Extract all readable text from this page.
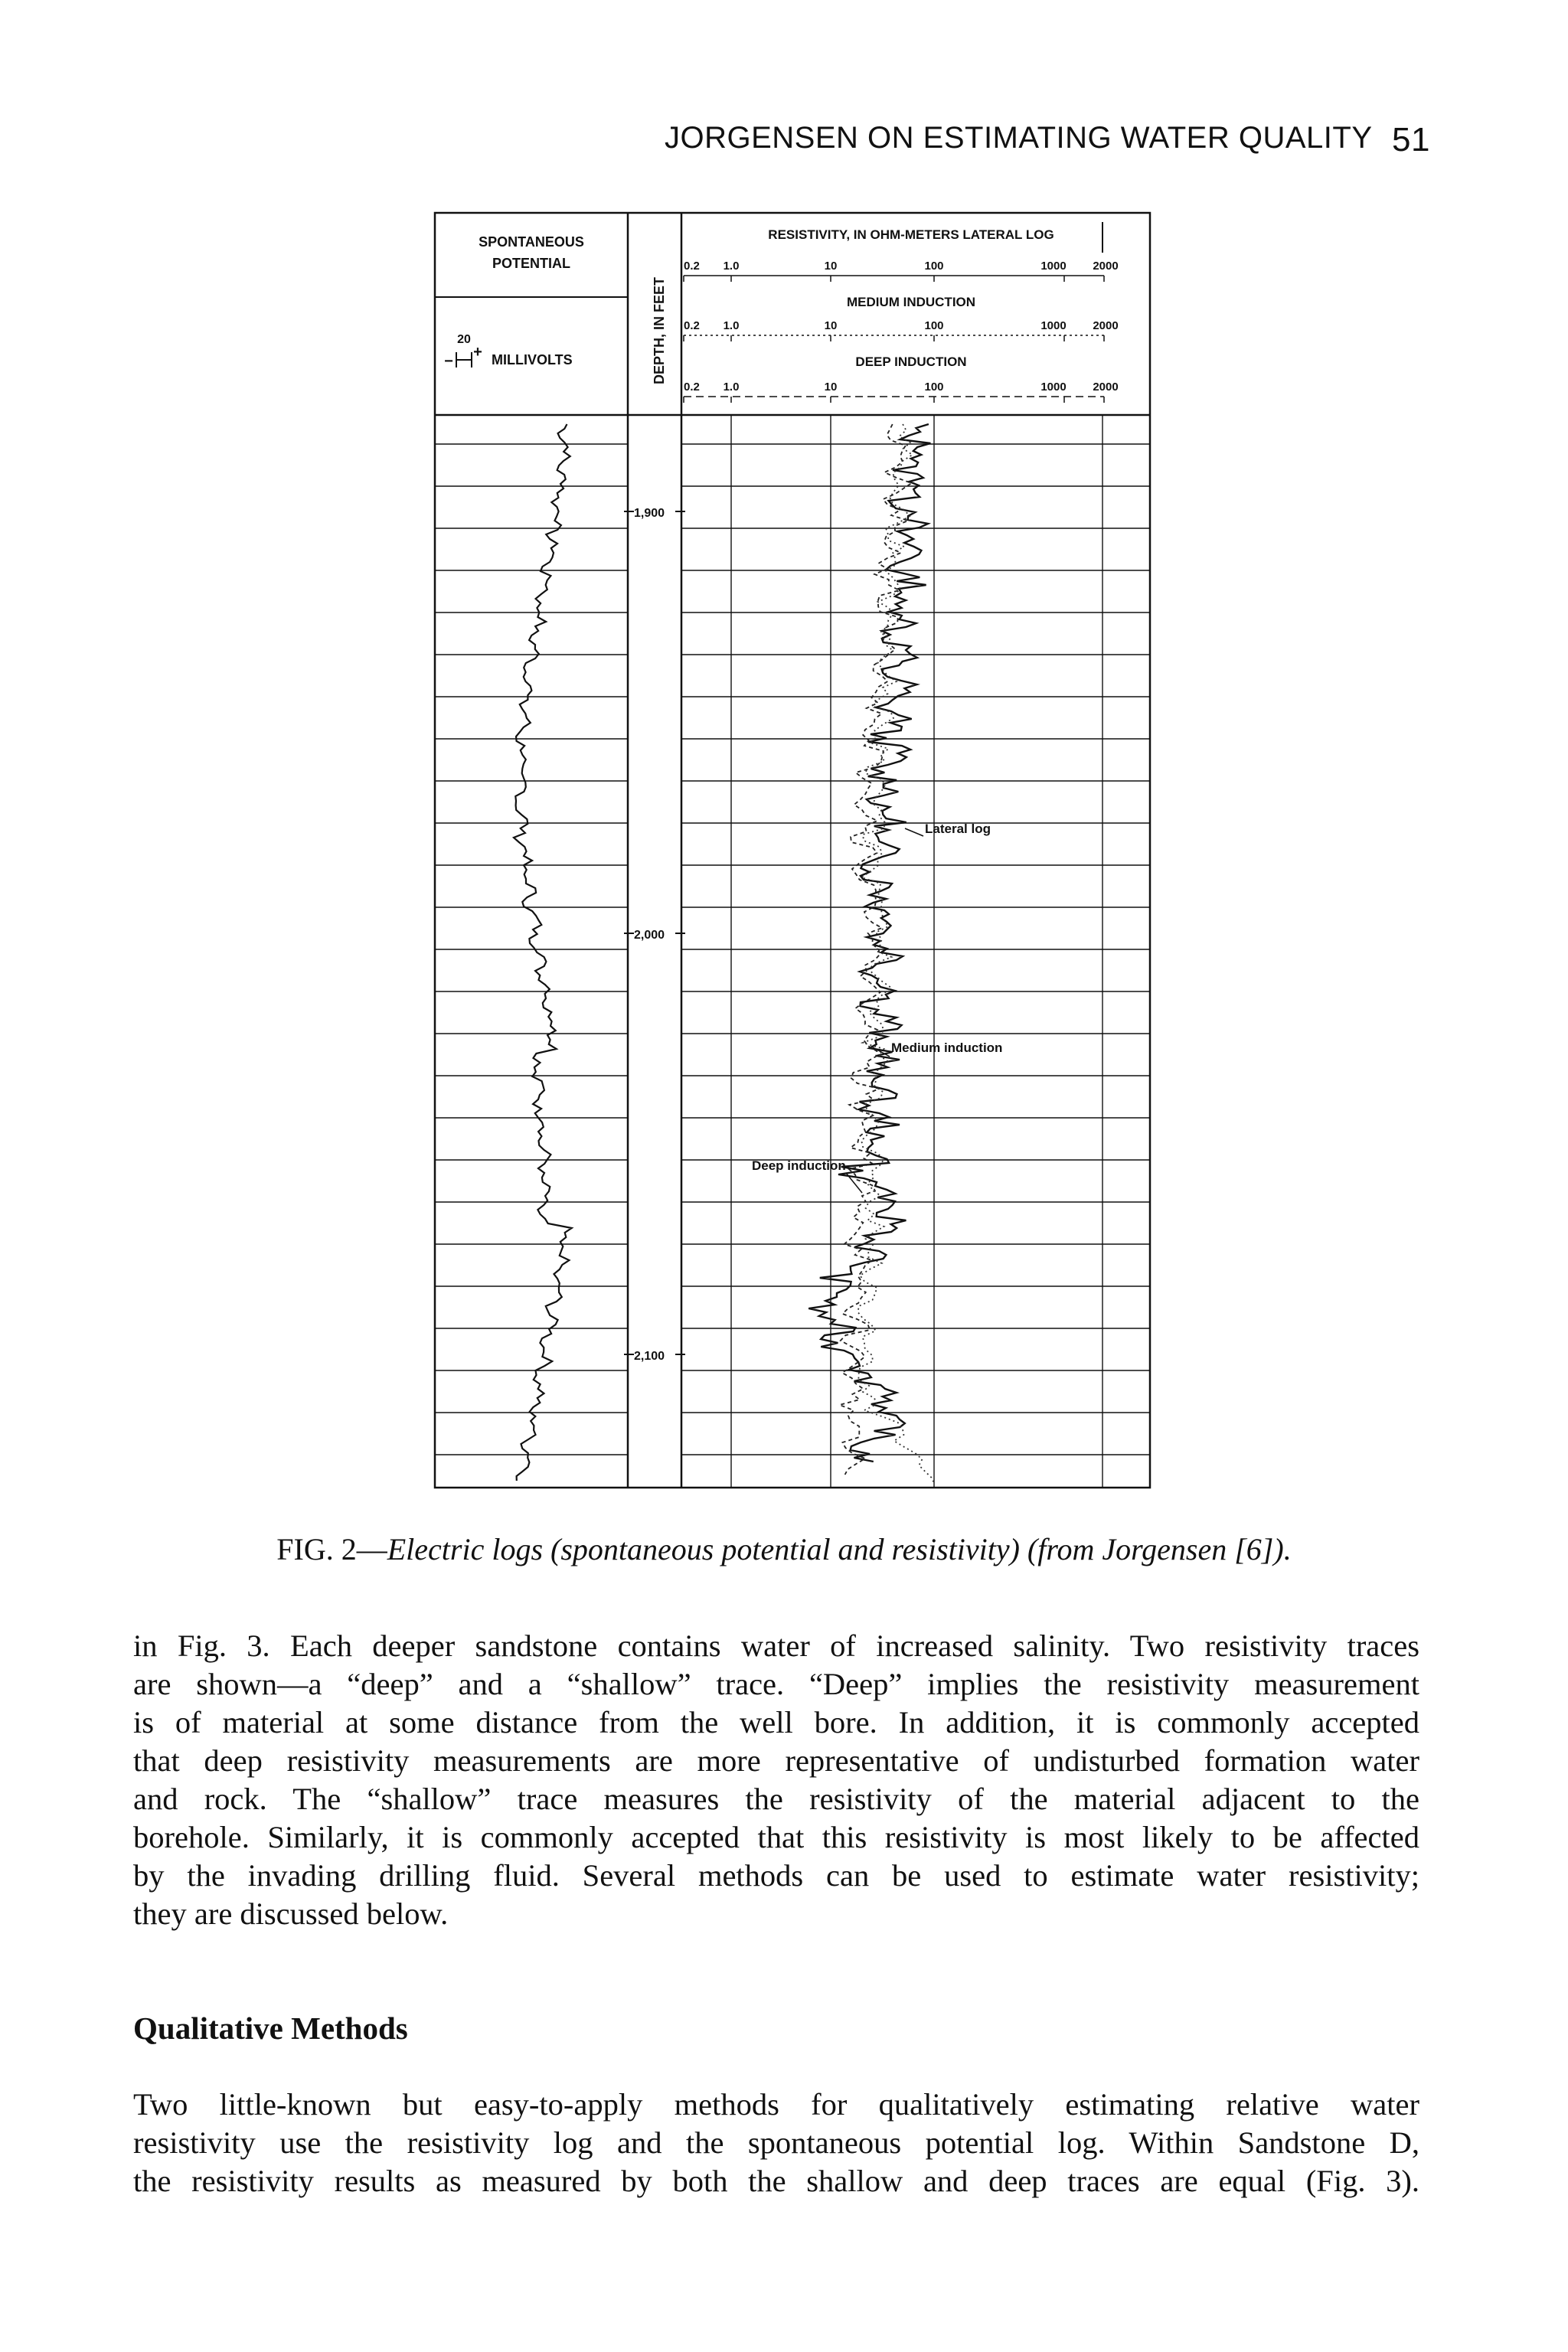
JORGENSEN ON ESTIMATING WATER QUALITY 51
SPONTANEOUS
POTENTIAL
20
−
+ MILLIVOLTS	DEPTH, IN FEET
RESISTIVITY, IN OHM-METERS LATERAL LOG
0.2 1.0	10	100	1000 2000
MEDIUM INDUCTION
0.2 1.0	10	100	1000 2000
DEEP INDUCTION
0.2 1.0	10	100	1000 2000
1,900
2,000
2,100
Lateral log
Medium induction
Deep induction
FIG. 2—Electric logs (spontaneous potential and resistivity) (from Jorgensen [6]).
in Fig. 3. Each deeper sandstone contains water of increased salinity. Two resistivity traces
are shown—a “deep” and a “shallow” trace. “Deep” implies the resistivity measurement
is of material at some distance from the well bore. In addition, it is commonly accepted
that deep resistivity measurements are more representative of undisturbed formation water
and rock. The “shallow” trace measures the resistivity of the material adjacent to the
borehole. Similarly, it is commonly accepted that this resistivity is most likely to be affected
by the invading drilling fluid. Several methods can be used to estimate water resistivity;
they are discussed below.
Qualitative Methods
Two little-known but easy-to-apply methods for qualitatively estimating relative water
resistivity use the resistivity log and the spontaneous potential log. Within Sandstone D,
the resistivity results as measured by both the shallow and deep traces are equal (Fig. 3).
